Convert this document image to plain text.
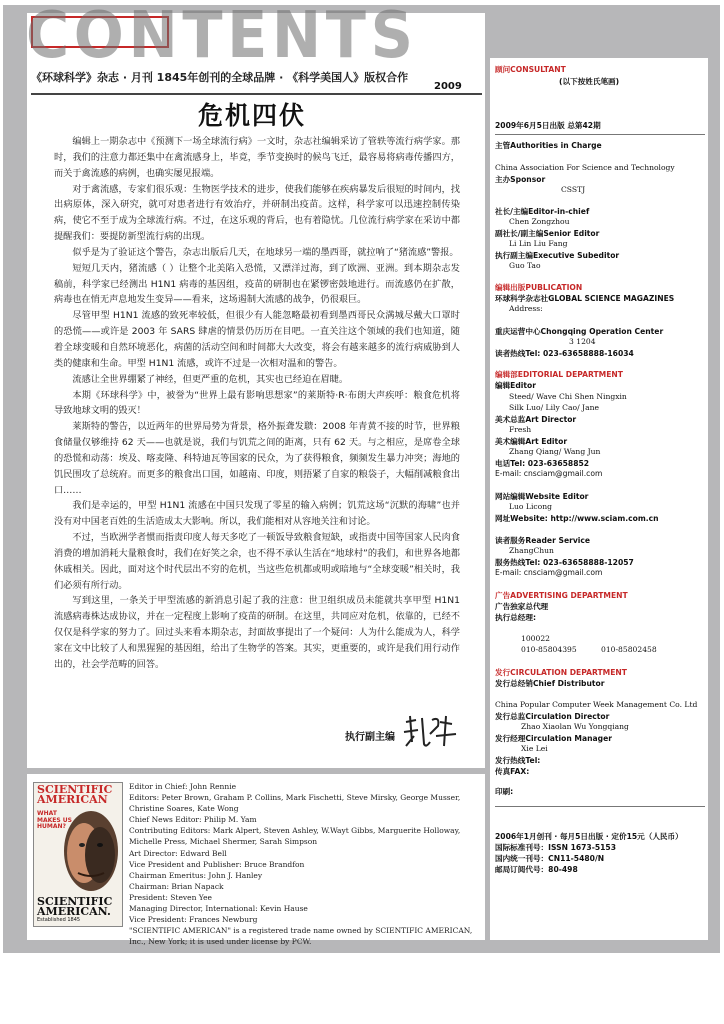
CONTENTS
《环球科学》杂志 · 月刊 1845年创刊的全球品牌 · 《科学美国人》版权合作
2009
危机四伏

编辑上一期杂志中《预测下一场全球流行病》一文时，杂志社编辑采访了管轶等流行病学家。那时，我们的注意力都还集中在禽流感身上，毕竟，季节变换时的候鸟飞迁，最容易将病毒传播四方，而关于禽流感的病例，也确实屡见报端。

对于禽流感，专家们很乐观：生物医学技术的进步，使我们能够在疾病暴发后很短的时间内，找出病原体，深入研究，就可对患者进行有效治疗，并研制出疫苗。这样，科学家可以迅速控制传染病，使它不至于成为全球流行病。不过，在这乐观的背后，也有着隐忧。几位流行病学家在采访中都提醒我们：要提防新型流行病的出现。

似乎是为了验证这个警告，杂志出版后几天，在地球另一端的墨西哥，就拉响了“猪流感”警报。

短短几天内，猪流感（ ）让整个北美陷入恐慌，又漂洋过海，到了欧洲、亚洲。到本期杂志发稿前，科学家已经测出 H1N1 病毒的基因组，疫苗的研制也在紧锣密鼓地进行。而流感仍在扩散，病毒也在悄无声息地发生变异——看来，这场遏制大流感的战争，仍很艰巨。

尽管甲型 H1N1 流感的致死率较低，但很少有人能忽略最初看到墨西哥民众满城尽戴大口罩时的恐慌——或许是 2003 年 SARS 肆虐的情景仍历历在目吧。一直关注这个领域的我们也知道，随着全球变暖和自然环境恶化，病菌的活动空间和时间都大大改变，将会有越来越多的流行病威胁到人类的健康和生命。甲型 H1N1 流感，或许不过是一次相对温和的警告。

流感让全世界绷紧了神经，但更严重的危机，其实也已经迫在眉睫。

本期《环球科学》中，被誉为“世界上最有影响思想家”的莱斯特·R·布朗大声疾呼：粮食危机将导致地球文明的毁灭！

莱斯特的警告，以近两年的世界局势为背景，格外振聋发聩：2008 年青黄不接的时节，世界粮食储量仅够维持 62 天——也就是说，我们与饥荒之间的距离，只有 62 天。与之相应，是席卷全球的恐慌和动荡：埃及、喀麦隆、科特迪瓦等国家的民众，为了获得粮食，频频发生暴力冲突；海地的饥民围攻了总统府。而更多的粮食出口国，如越南、印度，则捂紧了自家的粮袋子，大幅削减粮食出口……

我们是幸运的，甲型 H1N1 流感在中国只发现了零星的输入病例；饥荒这场“沉默的海啸”也并没有对中国老百姓的生活造成太大影响。所以，我们能相对从容地关注和讨论。

不过，当欧洲学者惯而指责印度人每天多吃了一顿饭导致粮食短缺，或指责中国等国家人民肉食消费的增加消耗大量粮食时，我们在好笑之余，也不得不承认生活在“地球村”的我们，和世界各地都休戚相关。因此，面对这个时代层出不穷的危机，当这些危机都或明或暗地与“全球变暖”相关时，我们必须有所行动。

写到这里，一条关于甲型流感的新消息引起了我的注意：世卫组织成员未能就共享甲型 H1N1 流感病毒株达成协议，并在一定程度上影响了疫苗的研制。在这里，共同应对危机，依靠的，已经不仅仅是科学家的努力了。回过头来看本期杂志，封面故事提出了一个疑问：人为什么能成为人，科学家在文中比较了人和黑猩猩的基因组，给出了生物学的答案。其实，更重要的，或许是我们用行动作出的，社会学范畴的回答。

执行副主编
SCIENTIFIC
AMERICAN
WHAT MAKES US HUMAN?
SCIENTIFIC
AMERICAN.
Established 1845
Editor in Chief: John Rennie
Editors: Peter Brown, Graham P. Collins, Mark Fischetti, Steve Mirsky, George Musser, Christine Soares, Kate Wong
Chief News Editor: Philip M. Yam
Contributing Editors: Mark Alpert, Steven Ashley, W.Wayt Gibbs, Marguerite Holloway, Michelle Press, Michael Shermer, Sarah Simpson
Art Director: Edward Bell
Vice President and Publisher: Bruce Brandfon
Chairman Emeritus: John J. Hanley
Chairman: Brian Napack
President: Steven Yee
Managing Director, International: Kevin Hause
Vice President: Frances Newburg
"SCIENTIFIC AMERICAN" is a registered trade name owned by SCIENTIFIC AMERICAN, Inc., New York; it is used under license by PCW.
顾问CONSULTANT
(以下按姓氏笔画)
2009年6月5日出版 总第42期
主管Authorities in Charge
China Association For Science and Technology
主办Sponsor
CSSTJ
社长/主编Editor-in-chief
Chen Zongzhou
副社长/副主编Senior Editor
Li Lin Liu Fang
执行副主编Executive Subeditor
Guo Tao
编辑出版PUBLICATION
环球科学杂志社GLOBAL SCIENCE MAGAZINES
Address:
重庆运营中心Chongqing Operation Center
3 1204
读者热线Tel: 023-63658888-16034
编辑部EDITORIAL DEPARTMENT
编辑Editor
Steed/ Wave Chi Shen Ningxin
Silk Luo/ Lily Cao/ Jane
美术总监Art Director
Fresh
美术编辑Art Editor
Zhang Qiang/ Wang Jun
电话Tel: 023-63658852
E-mail: cnsciam@gmail.com
网站编辑Website Editor
Luo Licong
网址Website: http://www.sciam.com.cn
读者服务Reader Service
ZhangChun
服务热线Tel: 023-63658888-12057
E-mail: cnsciam@gmail.com
广告ADVERTISING DEPARTMENT
广告独家总代理
执行总经理:
100022
010-85804395	010-85802458
发行CIRCULATION DEPARTMENT
发行总经销Chief Distributor
China Popular Computer Week Management Co. Ltd
发行总监Circulation Director
Zhao Xiaolan Wu Yongqiang
发行经理Circulation Manager
Xie Lei
发行热线Tel:
传真FAX:
印刷:
2006年1月创刊 · 每月5日出版 · 定价15元（人民币）
国际标准刊号：ISSN 1673-5153
国内统一刊号：CN11-5480/N
邮局订阅代号：80-498
